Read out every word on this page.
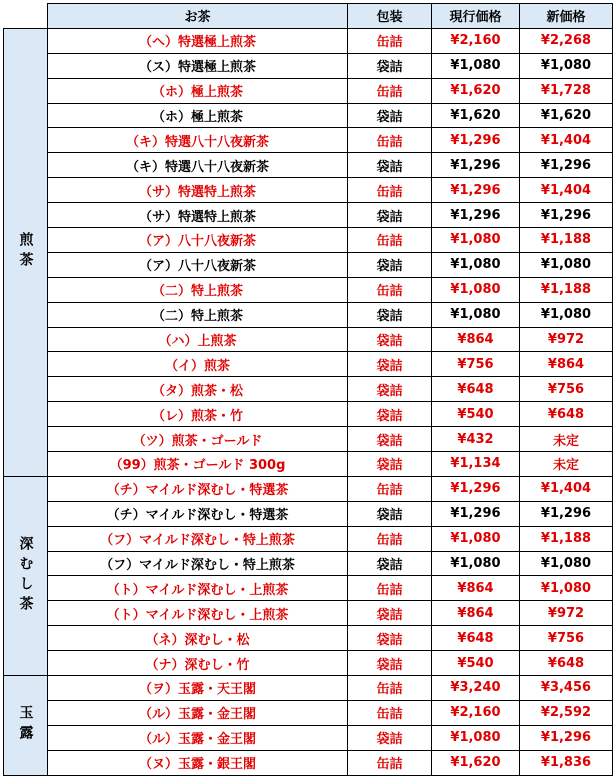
	お茶	包装	現行価格	新価格
煎茶	（ヘ）特選極上煎茶	缶詰	¥2,160	¥2,268
	（ス）特選極上煎茶	袋詰	¥1,080	¥1,080
	（ホ）極上煎茶	缶詰	¥1,620	¥1,728
	（ホ）極上煎茶	袋詰	¥1,620	¥1,620
	（キ）特選八十八夜新茶	缶詰	¥1,296	¥1,404
	（キ）特選八十八夜新茶	袋詰	¥1,296	¥1,296
	（サ）特選特上煎茶	缶詰	¥1,296	¥1,404
	（サ）特選特上煎茶	袋詰	¥1,296	¥1,296
	（ア）八十八夜新茶	缶詰	¥1,080	¥1,188
	（ア）八十八夜新茶	袋詰	¥1,080	¥1,080
	（二）特上煎茶	缶詰	¥1,080	¥1,188
	（二）特上煎茶	袋詰	¥1,080	¥1,080
	（ハ）上煎茶	袋詰	¥864	¥972
	（イ）煎茶	袋詰	¥756	¥864
	（タ）煎茶・松	袋詰	¥648	¥756
	（レ）煎茶・竹	袋詰	¥540	¥648
	（ツ）煎茶・ゴールド	袋詰	¥432	未定
	（99）煎茶・ゴールド 300g	袋詰	¥1,134	未定
深むし茶	（チ）マイルド深むし・特選茶	缶詰	¥1,296	¥1,404
	（チ）マイルド深むし・特選茶	袋詰	¥1,296	¥1,296
	（フ）マイルド深むし・特上煎茶	缶詰	¥1,080	¥1,188
	（フ）マイルド深むし・特上煎茶	袋詰	¥1,080	¥1,080
	（ト）マイルド深むし・上煎茶	缶詰	¥864	¥1,080
	（ト）マイルド深むし・上煎茶	袋詰	¥864	¥972
	（ネ）深むし・松	袋詰	¥648	¥756
	（ナ）深むし・竹	袋詰	¥540	¥648
玉露	（ヲ）玉露・天王閣	缶詰	¥3,240	¥3,456
	（ル）玉露・金王閣	缶詰	¥2,160	¥2,592
	（ル）玉露・金王閣	袋詰	¥1,080	¥1,296
	（ヌ）玉露・銀王閣	缶詰	¥1,620	¥1,836
